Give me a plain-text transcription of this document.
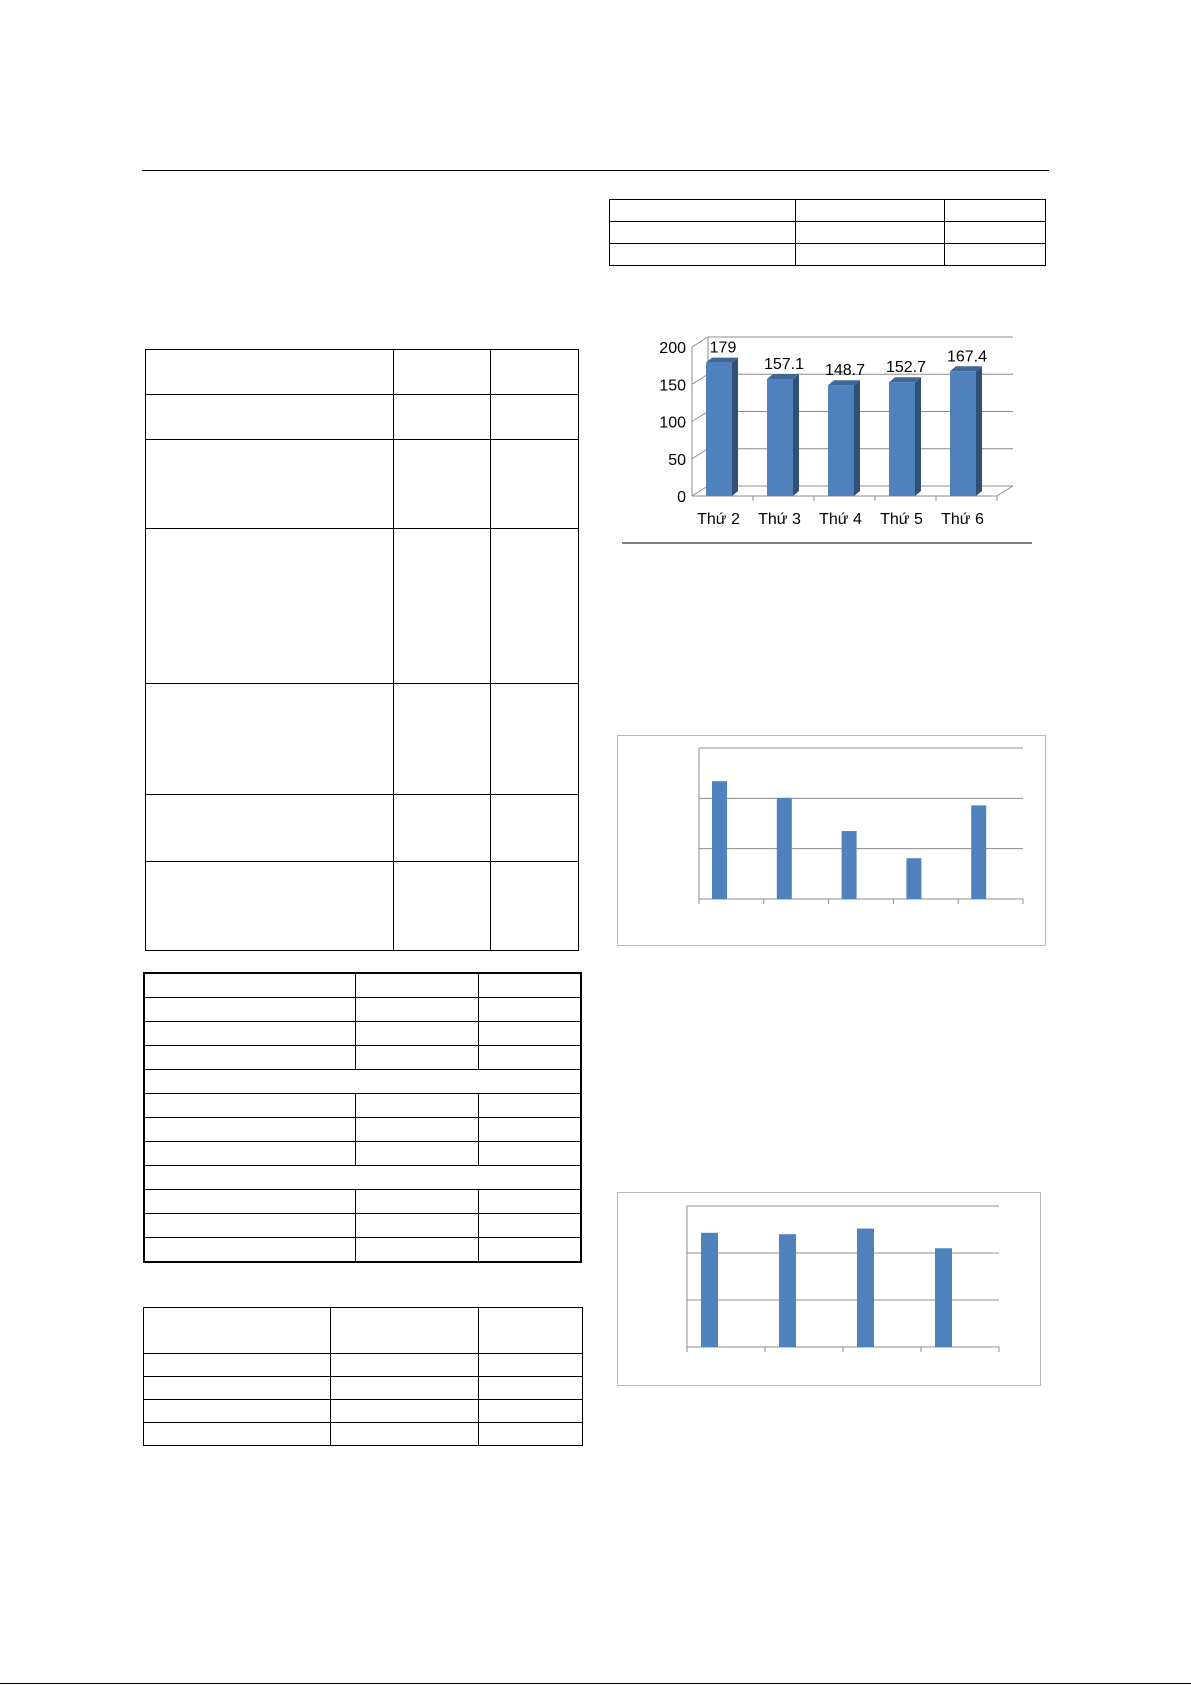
0
50
100
150
200 179
Thứ 2
157.1
Thứ 3
148.7
Thứ 4
152.7
Thứ 5
167.4
Thứ 6
